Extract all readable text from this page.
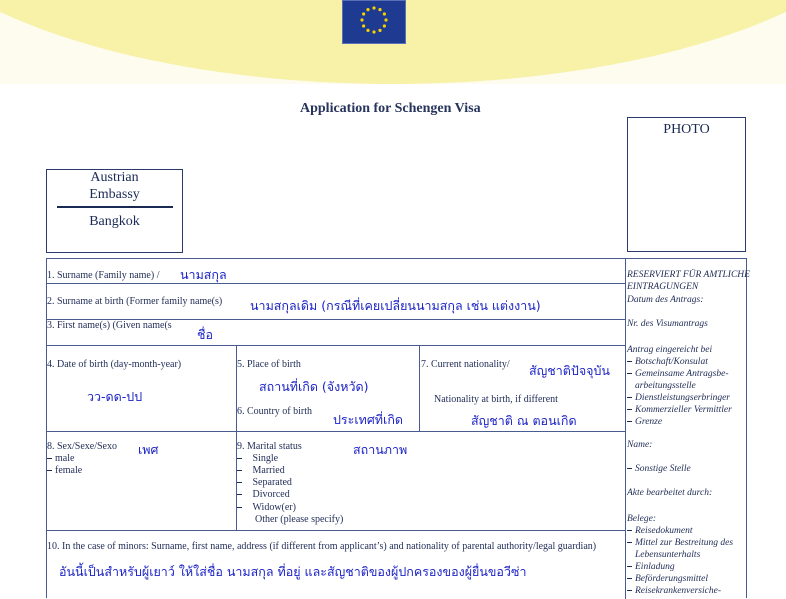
Application for Schengen Visa
PHOTO
Austrian
Embassy
Bangkok
1. Surname (Family name) / นามสกุล
2. Surname at birth (Former family name(s) นามสกุลเดิม (กรณีที่เคยเปลี่ยนนามสกุล เช่น แต่งงาน)
3. First name(s) (Given name(s
ชื่อ
4. Date of birth (day-month-year)
วว-ดด-ปป
5. Place of birth
สถานที่เกิด (จังหวัด)
6. Country of birth
ประเทศที่เกิด
7. Current nationality/ สัญชาติปัจจุบัน
Nationality at birth, if different
สัญชาติ ณ ตอนเกิด
8. Sex/Sexe/Sexo เพศ
male
female
9. Marital status	สถานภาพ
Single
Married
Separated
Divorced
Widow(er)
Other (please specify)
10. In the case of minors: Surname, first name, address (if different from applicant’s) and nationality of parental authority/legal guardian)
อันนี้เป็นสำหรับผู้เยาว์ ให้ใส่ชื่อ นามสกุล ที่อยู่ และสัญชาติของผู้ปกครองของผู้ยื่นขอวีซ่า
RESERVIERT FÜR AMTLICHE
EINTRAGUNGEN
Datum des Antrags:
Nr. des Visumantrags
Antrag eingereicht bei
Botschaft/Konsulat
Gemeinsame Antragsbe-
arbeitungsstelle
Dienstleistungserbringer
Kommerzieller Vermittler
Grenze
Name:
Sonstige Stelle
Akte bearbeitet durch:
Belege:
Reisedokument
Mittel zur Bestreitung des
Lebensunterhalts
Einladung
Beförderungsmittel
Reisekrankenversiche-
